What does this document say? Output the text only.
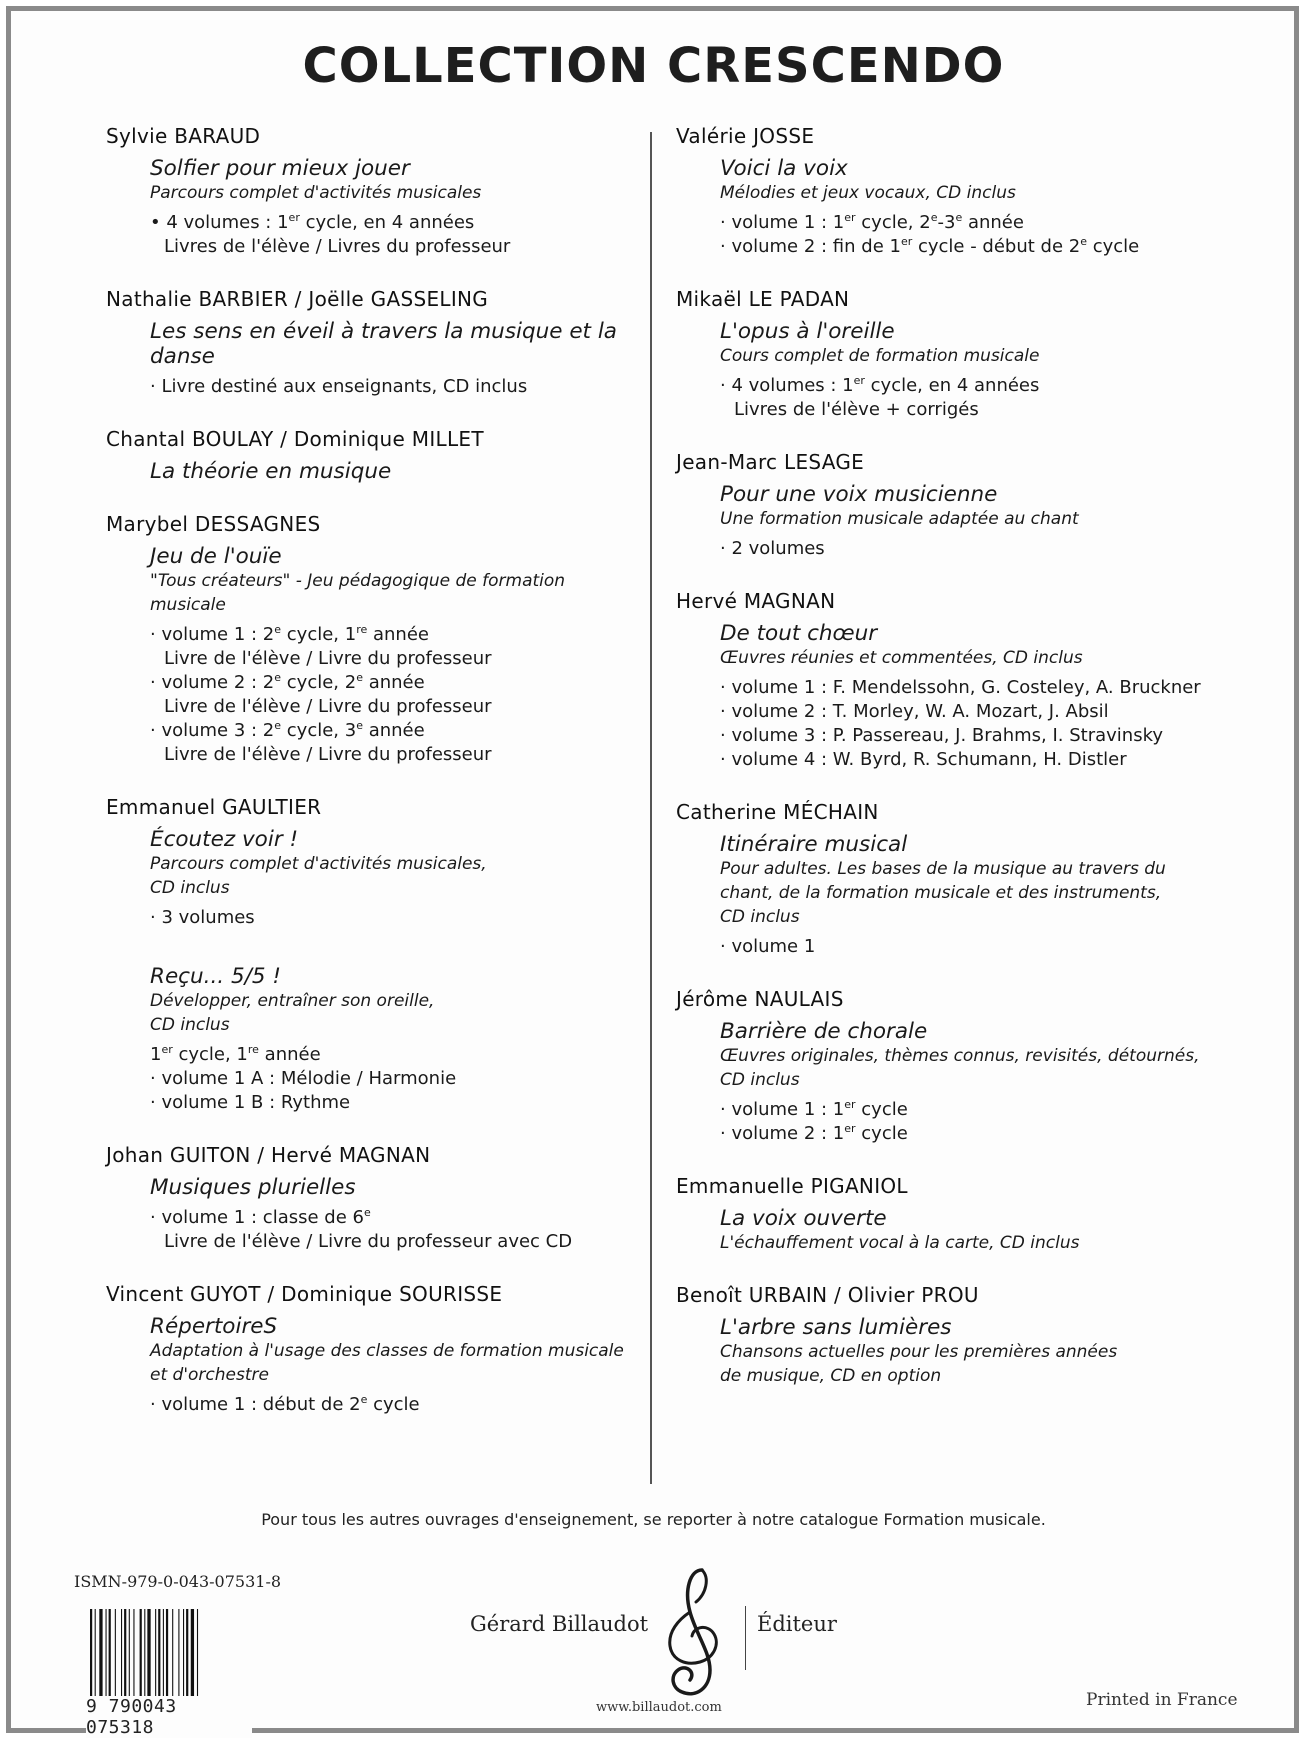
COLLECTION CRESCENDO
Sylvie BARAUD
Solfier pour mieux jouer
Parcours complet d'activités musicales
• 4 volumes : 1er cycle, en 4 années
Livres de l'élève / Livres du professeur
Nathalie BARBIER / Joëlle GASSELING
Les sens en éveil à travers la musique et la danse
· Livre destiné aux enseignants, CD inclus
Chantal BOULAY / Dominique MILLET
La théorie en musique
Marybel DESSAGNES
Jeu de l'ouïe
"Tous créateurs" - Jeu pédagogique de formation musicale
· volume 1 : 2e cycle, 1re année
Livre de l'élève / Livre du professeur
· volume 2 : 2e cycle, 2e année
Livre de l'élève / Livre du professeur
· volume 3 : 2e cycle, 3e année
Livre de l'élève / Livre du professeur
Emmanuel GAULTIER
Écoutez voir !
Parcours complet d'activités musicales,
CD inclus
· 3 volumes
Reçu... 5/5 !
Développer, entraîner son oreille,
CD inclus
1er cycle, 1re année
· volume 1 A : Mélodie / Harmonie
· volume 1 B : Rythme
Johan GUITON / Hervé MAGNAN
Musiques plurielles
· volume 1 : classe de 6e
Livre de l'élève / Livre du professeur avec CD
Vincent GUYOT / Dominique SOURISSE
RépertoireS
Adaptation à l'usage des classes de formation musicale
et d'orchestre
· volume 1 : début de 2e cycle
Valérie JOSSE
Voici la voix
Mélodies et jeux vocaux, CD inclus
· volume 1 : 1er cycle, 2e-3e année
· volume 2 : fin de 1er cycle - début de 2e cycle
Mikaël LE PADAN
L'opus à l'oreille
Cours complet de formation musicale
· 4 volumes : 1er cycle, en 4 années
Livres de l'élève + corrigés
Jean-Marc LESAGE
Pour une voix musicienne
Une formation musicale adaptée au chant
· 2 volumes
Hervé MAGNAN
De tout chœur
Œuvres réunies et commentées, CD inclus
· volume 1 : F. Mendelssohn, G. Costeley, A. Bruckner
· volume 2 : T. Morley, W. A. Mozart, J. Absil
· volume 3 : P. Passereau, J. Brahms, I. Stravinsky
· volume 4 : W. Byrd, R. Schumann, H. Distler
Catherine MÉCHAIN
Itinéraire musical
Pour adultes. Les bases de la musique au travers du
chant, de la formation musicale et des instruments,
CD inclus
· volume 1
Jérôme NAULAIS
Barrière de chorale
Œuvres originales, thèmes connus, revisités, détournés,
CD inclus
· volume 1 : 1er cycle
· volume 2 : 1er cycle
Emmanuelle PIGANIOL
La voix ouverte
L'échauffement vocal à la carte, CD inclus
Benoît URBAIN / Olivier PROU
L'arbre sans lumières
Chansons actuelles pour les premières années
de musique, CD en option
Pour tous les autres ouvrages d'enseignement, se reporter à notre catalogue Formation musicale.
ISMN-979-0-043-07531-8
9 790043 075318
Gérard Billaudot	Éditeur
www.billaudot.com	Printed in France
